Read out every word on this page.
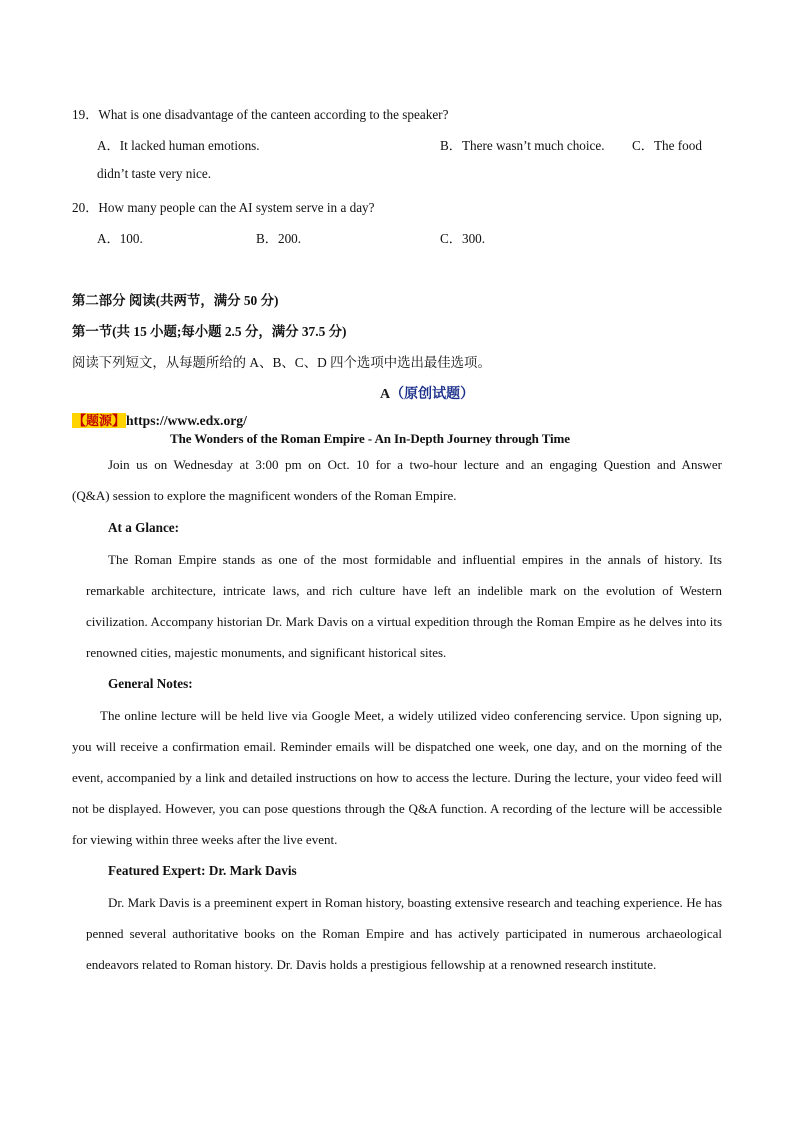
19．What is one disadvantage of the canteen according to the speaker?
A．It lacked human emotions.	B．There wasn’t much choice. C．The food
didn’t taste very nice.
20．How many people can the AI system serve in a day?
A．100.	B．200.	C．300.
第二部分 阅读(共两节，满分 50 分)
第一节(共 15 小题;每小题 2.5 分，满分 37.5 分)
阅读下列短文，从每题所给的 A、B、C、D 四个选项中选出最佳选项。
A（原创试题）
【题源】https://www.edx.org/
The Wonders of the Roman Empire - An In-Depth Journey through Time
Join us on Wednesday at 3:00 pm on Oct. 10 for a two-hour lecture and an engaging Question and Answer
(Q&A) session to explore the magnificent wonders of the Roman Empire.
At a Glance:
The Roman Empire stands as one of the most formidable and influential empires in the annals of history. Its remarkable architecture, intricate laws, and rich culture have left an indelible mark on the evolution of Western civilization. Accompany historian Dr. Mark Davis on a virtual expedition through the Roman Empire as he delves into its renowned cities, majestic monuments, and significant historical sites.
General Notes:
The online lecture will be held live via Google Meet, a widely utilized video conferencing service. Upon signing up, you will receive a confirmation email. Reminder emails will be dispatched one week, one day, and on the morning of the event, accompanied by a link and detailed instructions on how to access the lecture. During the lecture, your video feed will not be displayed. However, you can pose questions through the Q&A function. A recording of the lecture will be accessible for viewing within three weeks after the live event.
Featured Expert: Dr. Mark Davis
Dr. Mark Davis is a preeminent expert in Roman history, boasting extensive research and teaching experience. He has penned several authoritative books on the Roman Empire and has actively participated in numerous archaeological endeavors related to Roman history. Dr. Davis holds a prestigious fellowship at a renowned research institute.
